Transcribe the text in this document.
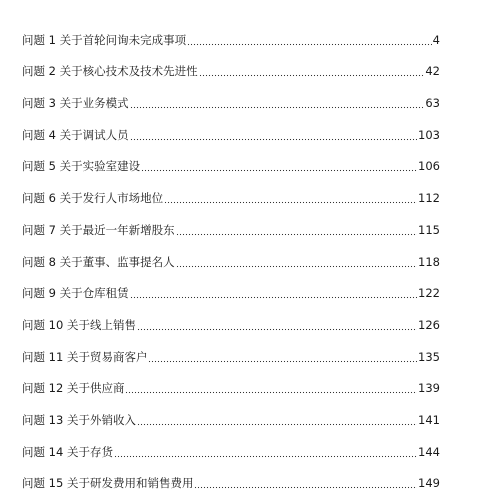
问题 1 关于首轮问询未完成事项	4
问题 2 关于核心技术及技术先进性	42
问题 3 关于业务模式	63
问题 4 关于调试人员	103
问题 5 关于实验室建设	106
问题 6 关于发行人市场地位	112
问题 7 关于最近一年新增股东	115
问题 8 关于董事、监事提名人	118
问题 9 关于仓库租赁	122
问题 10 关于线上销售	126
问题 11 关于贸易商客户	135
问题 12 关于供应商	139
问题 13 关于外销收入	141
问题 14 关于存货	144
问题 15 关于研发费用和销售费用	149
